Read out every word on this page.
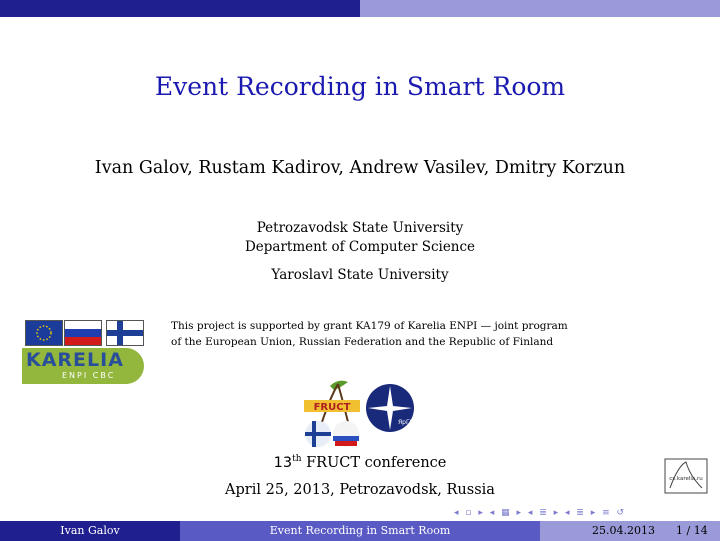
Event Recording in Smart Room
Ivan Galov, Rustam Kadirov, Andrew Vasilev, Dmitry Korzun
Petrozavodsk State University
Department of Computer Science
Yaroslavl State University
KARELIA
ENPI CBC
This project is supported by grant KA179 of Karelia ENPI — joint program
of the European Union, Russian Federation and the Republic of Finland
FRUCT
ЯрГУ
13th FRUCT conference
April 25, 2013, Petrozavodsk, Russia
cs.karelia.ru
◂ ▫ ▸ ◂ ▦ ▸ ◂ ≣ ▸ ◂ ≣ ▸ ≡ ↺
Ivan Galov	Event Recording in Smart Room	25.04.2013 1 / 14
